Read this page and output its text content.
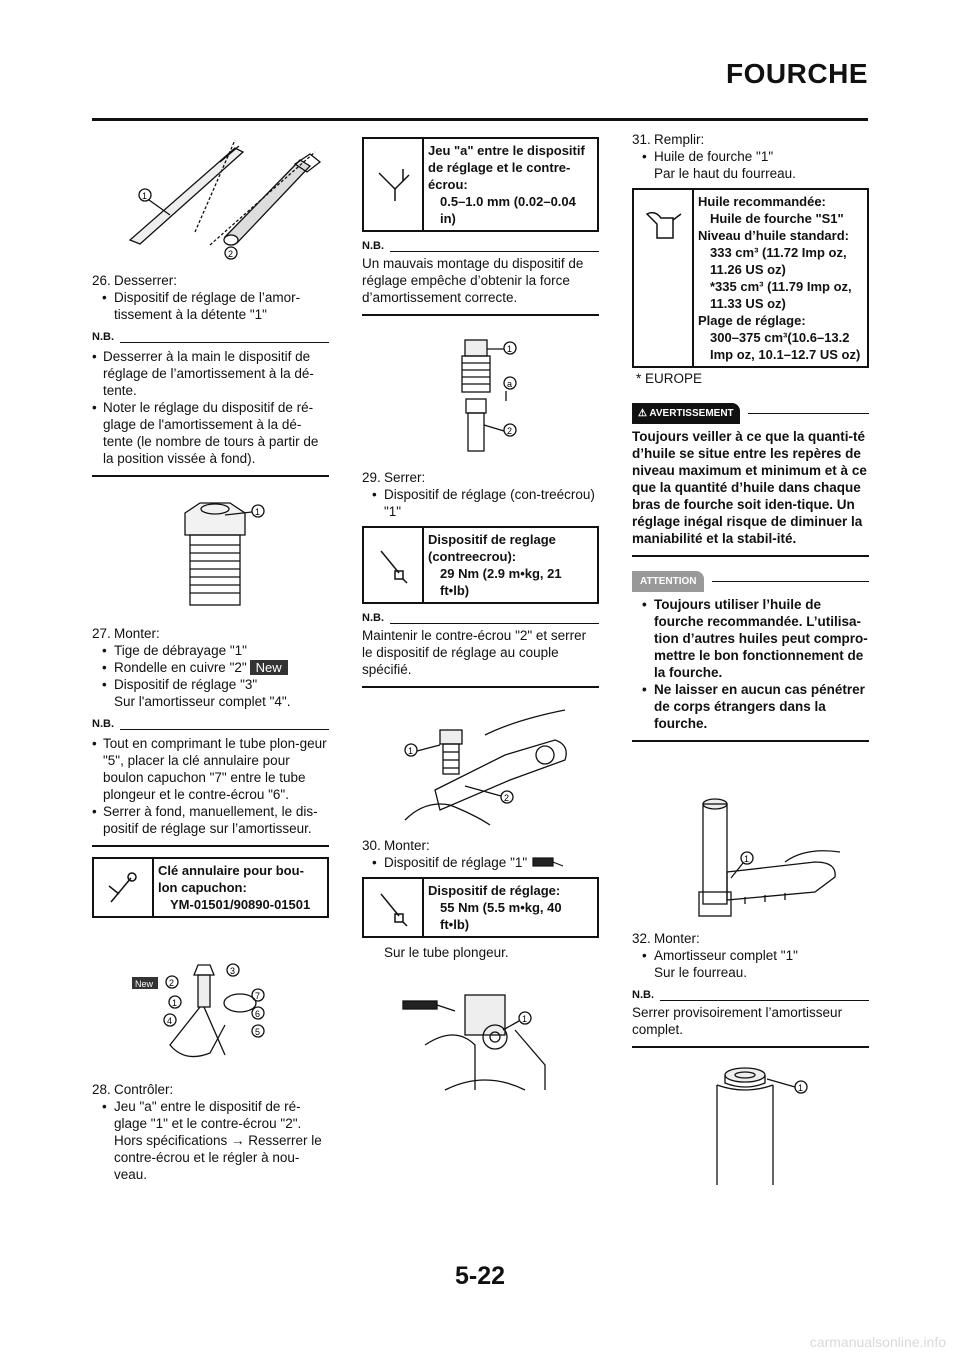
FOURCHE
1
2
26. Desserrer:
• Dispositif de réglage de l’amor-tissement à la détente "1"
N.B.
• Desserrer à la main le dispositif de réglage de l’amortissement à la dé-tente.
• Noter le réglage du dispositif de ré-glage de l'amortissement à la dé-tente (le nombre de tours à partir de la position vissée à fond).
1
27. Monter:
• Tige de débrayage "1"
• Rondelle en cuivre "2" New
• Dispositif de réglage "3"
Sur l'amortisseur complet "4".
N.B.
• Tout en comprimant le tube plon-geur "5", placer la clé annulaire pour boulon capuchon "7" entre le tube plongeur et le contre-écrou "6".
• Serrer à fond, manuellement, le dis-positif de réglage sur l’amortisseur.
Clé annulaire pour bou-lon capuchon:
YM-01501/90890-01501
New 2
3
1
4
7
6
5
28. Contrôler:
• Jeu "a" entre le dispositif de ré-glage "1" et le contre-écrou "2".
Hors spécifications → Resserrer le contre-écrou et le régler à nou-veau.
Jeu "a" entre le dispositif de réglage et le contre-écrou:
0.5–1.0 mm (0.02–0.04 in)
N.B.
Un mauvais montage du dispositif de réglage empêche d’obtenir la force d’amortissement correcte.
1
a
2
29. Serrer:
• Dispositif de réglage (con-treécrou) "1"
Dispositif de reglage (contreecrou):
29 Nm (2.9 m•kg, 21 ft•lb)
N.B.
Maintenir le contre-écrou "2" et serrer le dispositif de réglage au couple spécifié.
1
2
30. Monter:
• Dispositif de réglage "1"
Dispositif de réglage:
55 Nm (5.5 m•kg, 40 ft•lb)
Sur le tube plongeur.
1
31. Remplir:
• Huile de fourche "1"
Par le haut du fourreau.
Huile recommandée:
Huile de fourche "S1"
Niveau d’huile standard:
333 cm³ (11.72 Imp oz, 11.26 US oz)
*335 cm³ (11.79 Imp oz, 11.33 US oz)
Plage de réglage:
300–375 cm³(10.6–13.2 Imp oz, 10.1–12.7 US oz)
* EUROPE
⚠ AVERTISSEMENT
Toujours veiller à ce que la quanti-té d’huile se situe entre les repères de niveau maximum et minimum et à ce que la quantité d’huile dans chaque bras de fourche soit iden-tique. Un réglage inégal risque de diminuer la maniabilité et la stabil-ité.
ATTENTION
• Toujours utiliser l’huile de fourche recommandée. L’utilisa-tion d’autres huiles peut compro-mettre le bon fonctionnement de la fourche.
• Ne laisser en aucun cas pénétrer de corps étrangers dans la fourche.
1
32. Monter:
• Amortisseur complet "1"
Sur le fourreau.
N.B.
Serrer provisoirement l’amortisseur complet.
1
5-22
carmanualsonline.info
